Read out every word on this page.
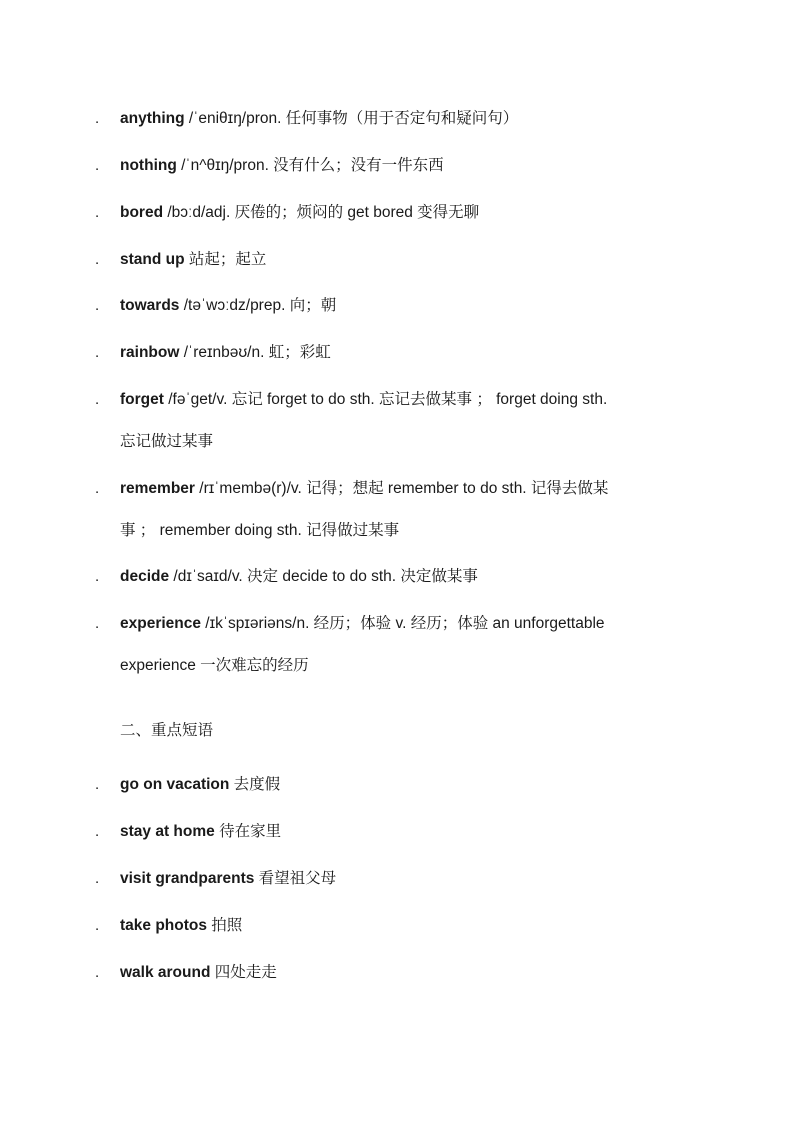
. anything /ˈeniθɪŋ/pron. 任何事物（用于否定句和疑问句）
. nothing /ˈn^θɪŋ/pron. 没有什么；没有一件东西
. bored /bɔːd/adj. 厌倦的；烦闷的 get bored 变得无聊
. stand up 站起；起立
. towards /təˈwɔːdz/prep. 向；朝
. rainbow /ˈreɪnbəʊ/n. 虹；彩虹
. forget /fəˈget/v. 忘记 forget to do sth. 忘记去做某事 ； forget doing sth.
忘记做过某事
. remember /rɪˈmembə(r)/v. 记得；想起 remember to do sth. 记得去做某
事 ； remember doing sth. 记得做过某事
. decide /dɪˈsaɪd/v. 决定 decide to do sth. 决定做某事
. experience /ɪkˈspɪəriəns/n. 经历；体验 v. 经历；体验 an unforgettable
experience 一次难忘的经历
二、重点短语
. go on vacation 去度假
. stay at home 待在家里
. visit grandparents 看望祖父母
. take photos 拍照
. walk around 四处走走
